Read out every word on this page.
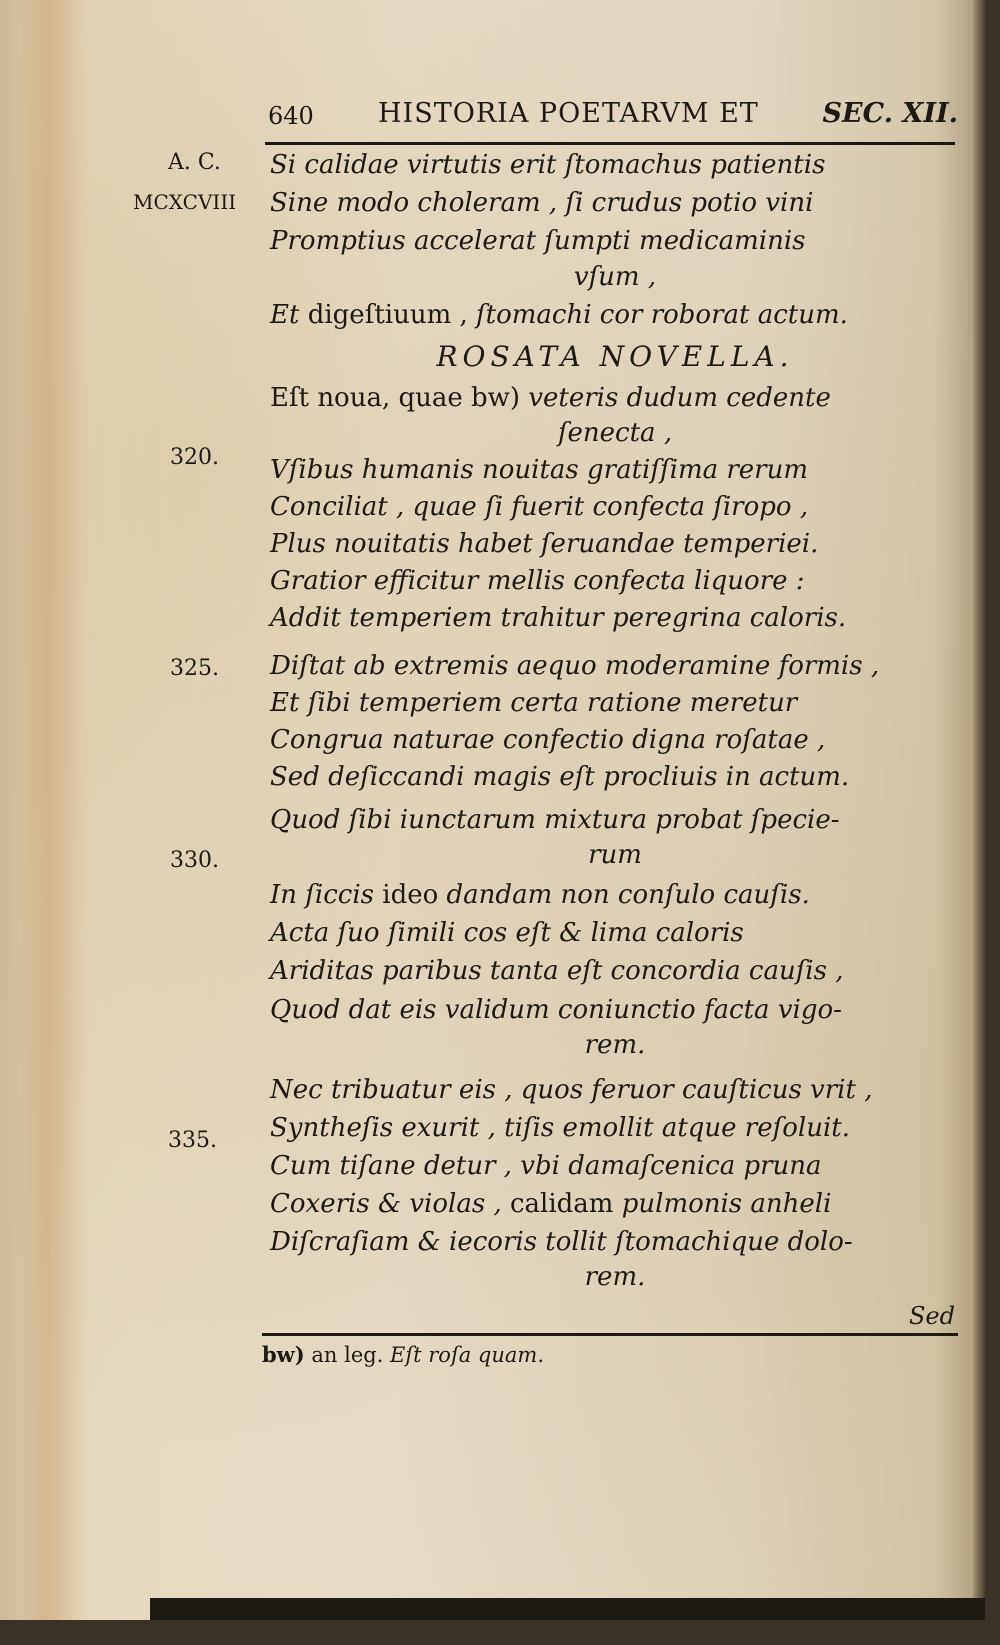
640 HISTORIA POETARVM ET SEC. XII.
A. C.
MCXCVIII
320.
325.
330.
335.
Si calidae virtutis erit ſtomachus patientis
Sine modo choleram , ſi crudus potio vini
Promptius accelerat ſumpti medicaminis
vſum ,
Et digeſtiuum , ſtomachi cor roborat actum.
ROSATA NOVELLA.
Eſt noua, quae bw) veteris dudum cedente
ſenecta ,
Vſibus humanis nouitas gratiſſima rerum
Conciliat , quae ſi fuerit confecta ſiropo ,
Plus nouitatis habet ſeruandae temperiei.
Gratior efficitur mellis confecta liquore :
Addit temperiem trahitur peregrina caloris.
Diſtat ab extremis aequo moderamine formis ,
Et ſibi temperiem certa ratione meretur
Congrua naturae confectio digna roſatae ,
Sed deſiccandi magis eſt procliuis in actum.
Quod ſibi iunctarum mixtura probat ſpecie-
rum
In ſiccis ideo dandam non conſulo cauſis.
Acta ſuo ſimili cos eſt & lima caloris
Ariditas paribus tanta eſt concordia cauſis ,
Quod dat eis validum coniunctio facta vigo-
rem.
Nec tribuatur eis , quos feruor cauſticus vrit ,
Syntheſis exurit , tiſis emollit atque reſoluit.
Cum tiſane detur , vbi damaſcenica pruna
Coxeris & violas , calidam pulmonis anheli
Diſcraſiam & iecoris tollit ſtomachique dolo-
rem.
Sed
bw) an leg. Eſt roſa quam.
